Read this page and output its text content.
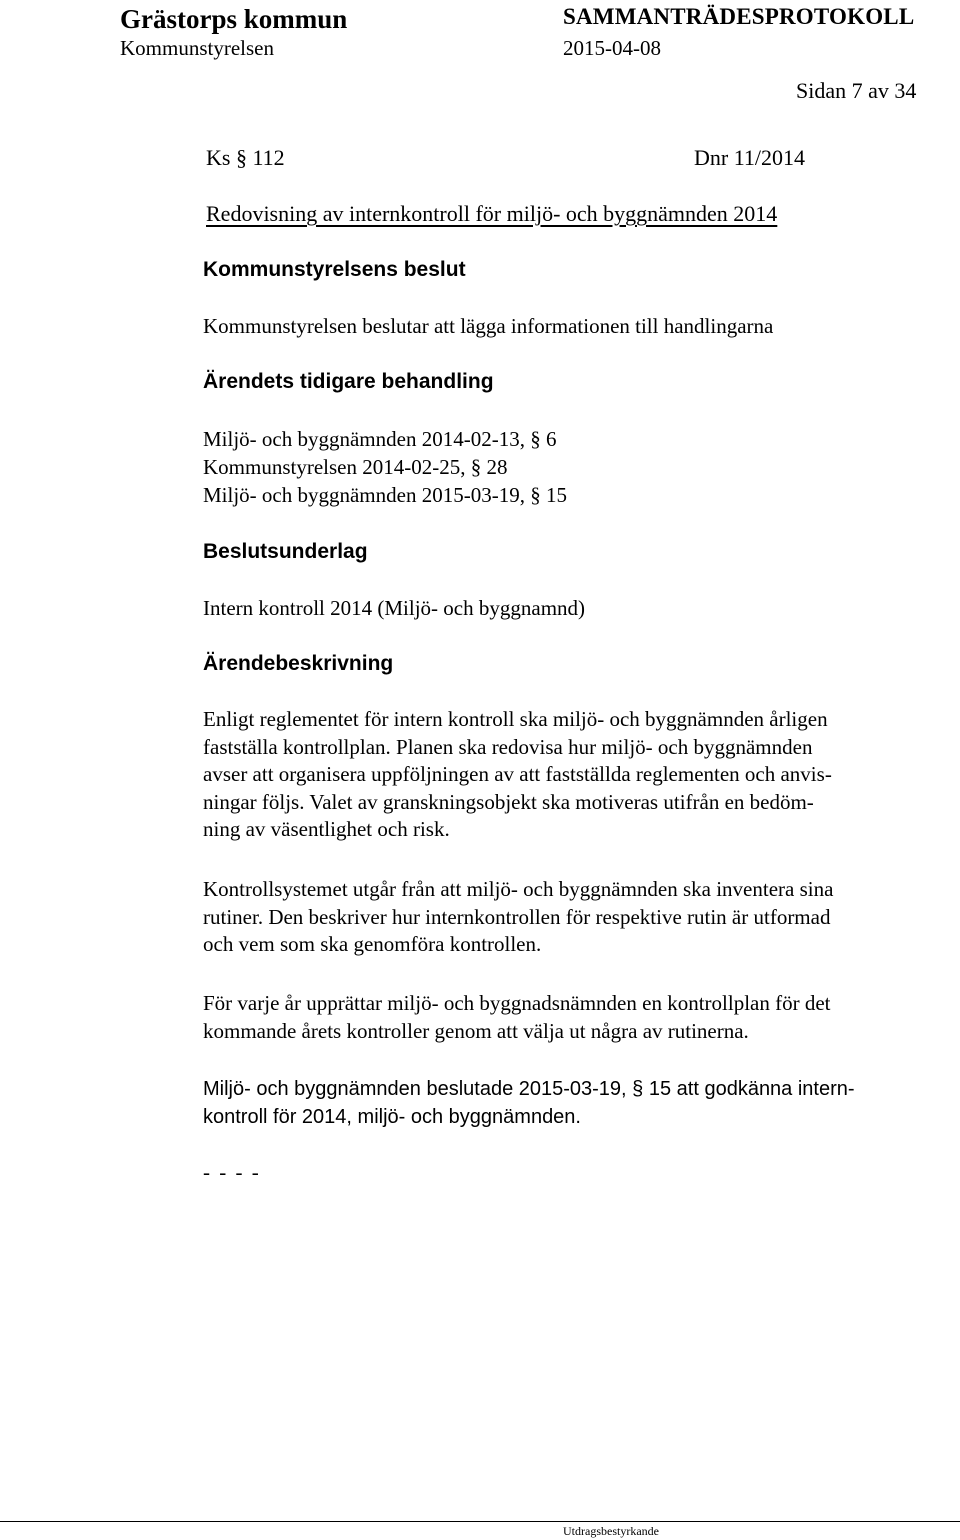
Grästorps kommun
Kommunstyrelsen
SAMMANTRÄDESPROTOKOLL
2015-04-08
Sidan 7 av 34
Ks § 112	Dnr 11/2014
Redovisning av internkontroll för miljö- och byggnämnden 2014
Kommunstyrelsens beslut
Kommunstyrelsen beslutar att lägga informationen till handlingarna
Ärendets tidigare behandling
Miljö- och byggnämnden 2014-02-13, § 6
Kommunstyrelsen 2014-02-25, § 28
Miljö- och byggnämnden 2015-03-19, § 15
Beslutsunderlag
Intern kontroll 2014 (Miljö- och byggnamnd)
Ärendebeskrivning
Enligt reglementet för intern kontroll ska miljö- och byggnämnden årligen
fastställa kontrollplan. Planen ska redovisa hur miljö- och byggnämnden
avser att organisera uppföljningen av att fastställda reglementen och anvis-
ningar följs. Valet av granskningsobjekt ska motiveras utifrån en bedöm-
ning av väsentlighet och risk.
Kontrollsystemet utgår från att miljö- och byggnämnden ska inventera sina
rutiner. Den beskriver hur internkontrollen för respektive rutin är utformad
och vem som ska genomföra kontrollen.
För varje år upprättar miljö- och byggnadsnämnden en kontrollplan för det
kommande årets kontroller genom att välja ut några av rutinerna.
Miljö- och byggnämnden beslutade 2015-03-19, § 15 att godkänna intern-
kontroll för 2014, miljö- och byggnämnden.
- - - -
Utdragsbestyrkande
